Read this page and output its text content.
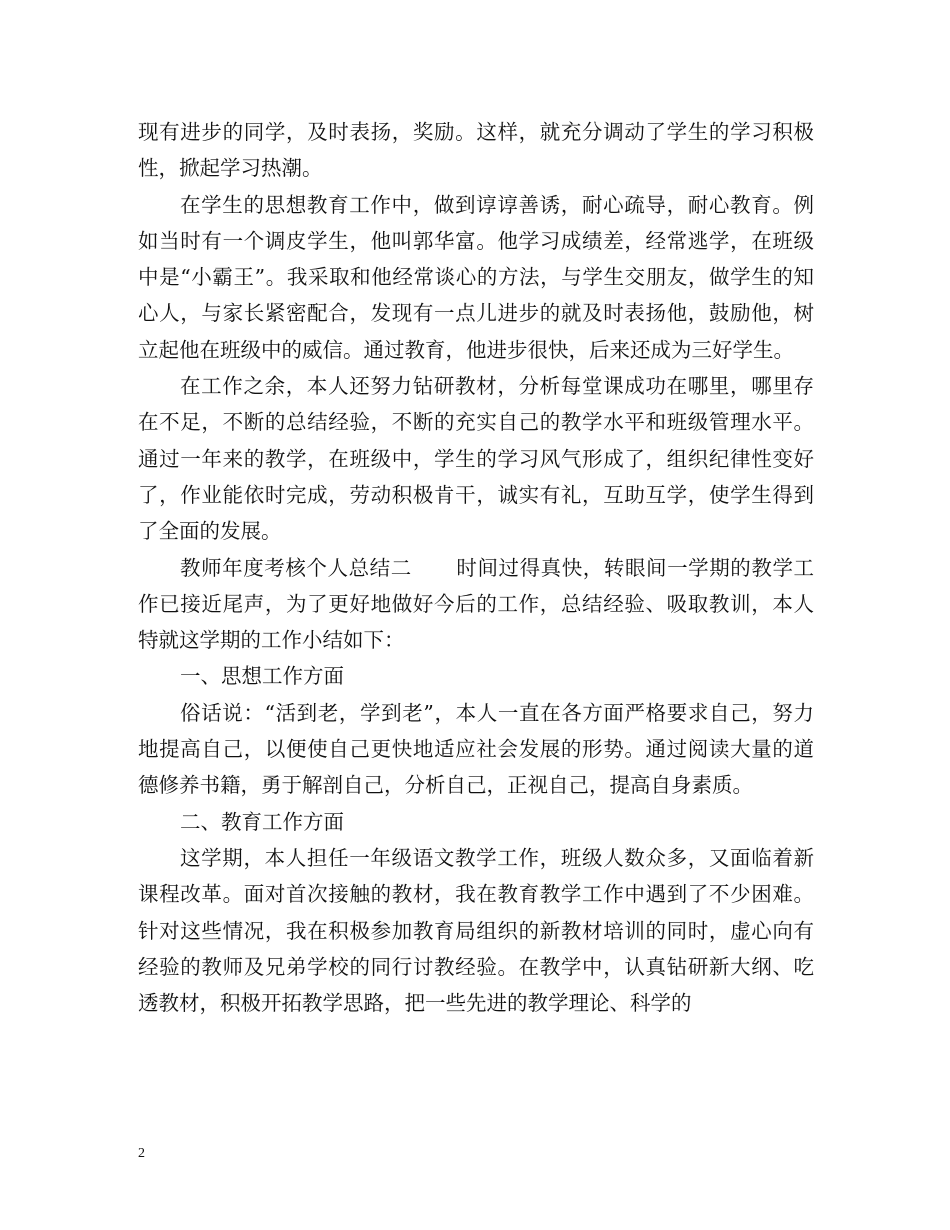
现有进步的同学，及时表扬，奖励。这样，就充分调动了学生的学习积极性，掀起学习热潮。

在学生的思想教育工作中，做到谆谆善诱，耐心疏导，耐心教育。例如当时有一个调皮学生，他叫郭华富。他学习成绩差，经常逃学，在班级中是“小霸王”。我采取和他经常谈心的方法，与学生交朋友，做学生的知心人，与家长紧密配合，发现有一点儿进步的就及时表扬他，鼓励他，树立起他在班级中的威信。通过教育，他进步很快，后来还成为三好学生。

在工作之余，本人还努力钻研教材，分析每堂课成功在哪里，哪里存在不足，不断的总结经验，不断的充实自己的教学水平和班级管理水平。通过一年来的教学，在班级中，学生的学习风气形成了，组织纪律性变好了，作业能依时完成，劳动积极肯干，诚实有礼，互助互学，使学生得到了全面的发展。

教师年度考核个人总结二 时间过得真快，转眼间一学期的教学工作已接近尾声，为了更好地做好今后的工作，总结经验、吸取教训，本人特就这学期的工作小结如下：

一、思想工作方面

俗话说：“活到老，学到老”，本人一直在各方面严格要求自己，努力地提高自己，以便使自己更快地适应社会发展的形势。通过阅读大量的道德修养书籍，勇于解剖自己，分析自己，正视自己，提高自身素质。

二、教育工作方面

这学期，本人担任一年级语文教学工作，班级人数众多，又面临着新课程改革。面对首次接触的教材，我在教育教学工作中遇到了不少困难。针对这些情况，我在积极参加教育局组织的新教材培训的同时，虚心向有经验的教师及兄弟学校的同行讨教经验。在教学中，认真钻研新大纲、吃透教材，积极开拓教学思路，把一些先进的教学理论、科学的

2
